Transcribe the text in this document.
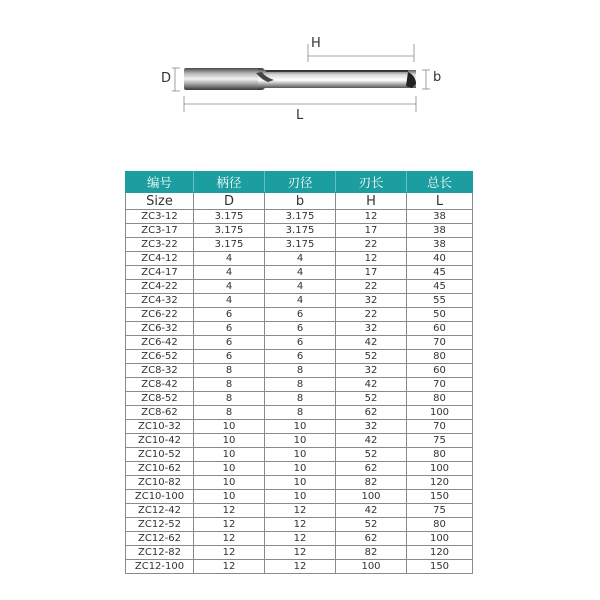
H
D	b
L
编号	柄径	刃径	刃长	总长
Size	D	b	H	L
ZC3-12	3.175	3.175	12	38
ZC3-17	3.175	3.175	17	38
ZC3-22	3.175	3.175	22	38
ZC4-12	4	4	12	40
ZC4-17	4	4	17	45
ZC4-22	4	4	22	45
ZC4-32	4	4	32	55
ZC6-22	6	6	22	50
ZC6-32	6	6	32	60
ZC6-42	6	6	42	70
ZC6-52	6	6	52	80
ZC8-32	8	8	32	60
ZC8-42	8	8	42	70
ZC8-52	8	8	52	80
ZC8-62	8	8	62	100
ZC10-32	10	10	32	70
ZC10-42	10	10	42	75
ZC10-52	10	10	52	80
ZC10-62	10	10	62	100
ZC10-82	10	10	82	120
ZC10-100	10	10	100	150
ZC12-42	12	12	42	75
ZC12-52	12	12	52	80
ZC12-62	12	12	62	100
ZC12-82	12	12	82	120
ZC12-100	12	12	100	150
